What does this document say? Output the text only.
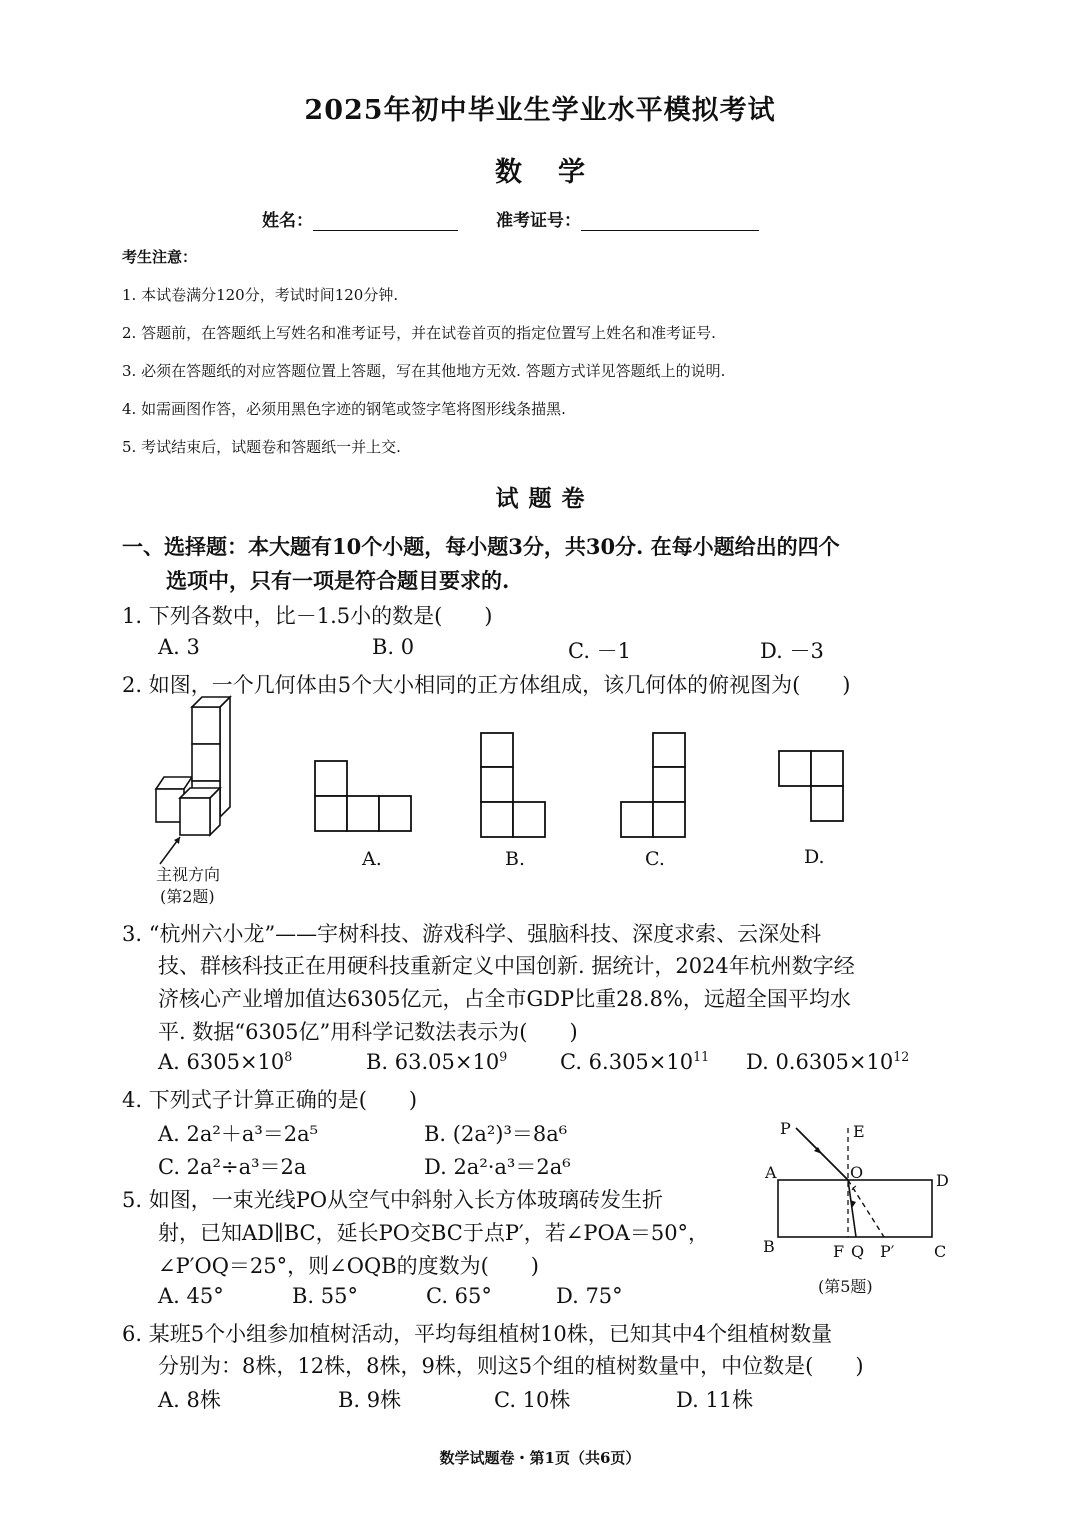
2025年初中毕业生学业水平模拟考试
数学
姓名：	准考证号：
考生注意：
1. 本试卷满分120分，考试时间120分钟.
2. 答题前，在答题纸上写姓名和准考证号，并在试卷首页的指定位置写上姓名和准考证号.
3. 必须在答题纸的对应答题位置上答题，写在其他地方无效. 答题方式详见答题纸上的说明.
4. 如需画图作答，必须用黑色字迹的钢笔或签字笔将图形线条描黑.
5. 考试结束后，试题卷和答题纸一并上交.
试题卷
一、选择题：本大题有10个小题，每小题3分，共30分. 在每小题给出的四个
选项中，只有一项是符合题目要求的.
1. 下列各数中，比－1.5小的数是(　　)
A. 3	B. 0	C. －1	D. －3
2. 如图，一个几何体由5个大小相同的正方体组成，该几何体的俯视图为(　　)
主视方向
(第2题)
A.	B.	C.	D.
3. “杭州六小龙”——宇树科技、游戏科学、强脑科技、深度求索、云深处科
技、群核科技正在用硬科技重新定义中国创新. 据统计，2024年杭州数字经
济核心产业增加值达6305亿元，占全市GDP比重28.8%，远超全国平均水
平. 数据“6305亿”用科学记数法表示为(　　)
A. $6305\times 10^8$	B. $63.05\times 10^9$	C. $6.305\times 10^{11}$ D. $0.6305\times 10^{12}$
4. 下列式子计算正确的是(　　)
A. 2a²＋a³＝2a⁵	B. (2a²)³＝8a⁶
C. 2a²÷a³＝2a	D. 2a²·a³＝2a⁶
5. 如图，一束光线PO从空气中斜射入长方体玻璃砖发生折
射，已知AD∥BC，延长PO交BC于点P′，若∠POA＝50°，
∠P′OQ＝25°，则∠OQB的度数为(　　)
A. 45°	B. 55°	C. 65°	D. 75°
P	E
A	O	D
B	F Q P′ C
(第5题)
6. 某班5个小组参加植树活动，平均每组植树10株，已知其中4个组植树数量
分别为：8株，12株，8株，9株，则这5个组的植树数量中，中位数是(　　)
A. 8株	B. 9株	C. 10株	D. 11株
数学试题卷・第1页（共6页）
